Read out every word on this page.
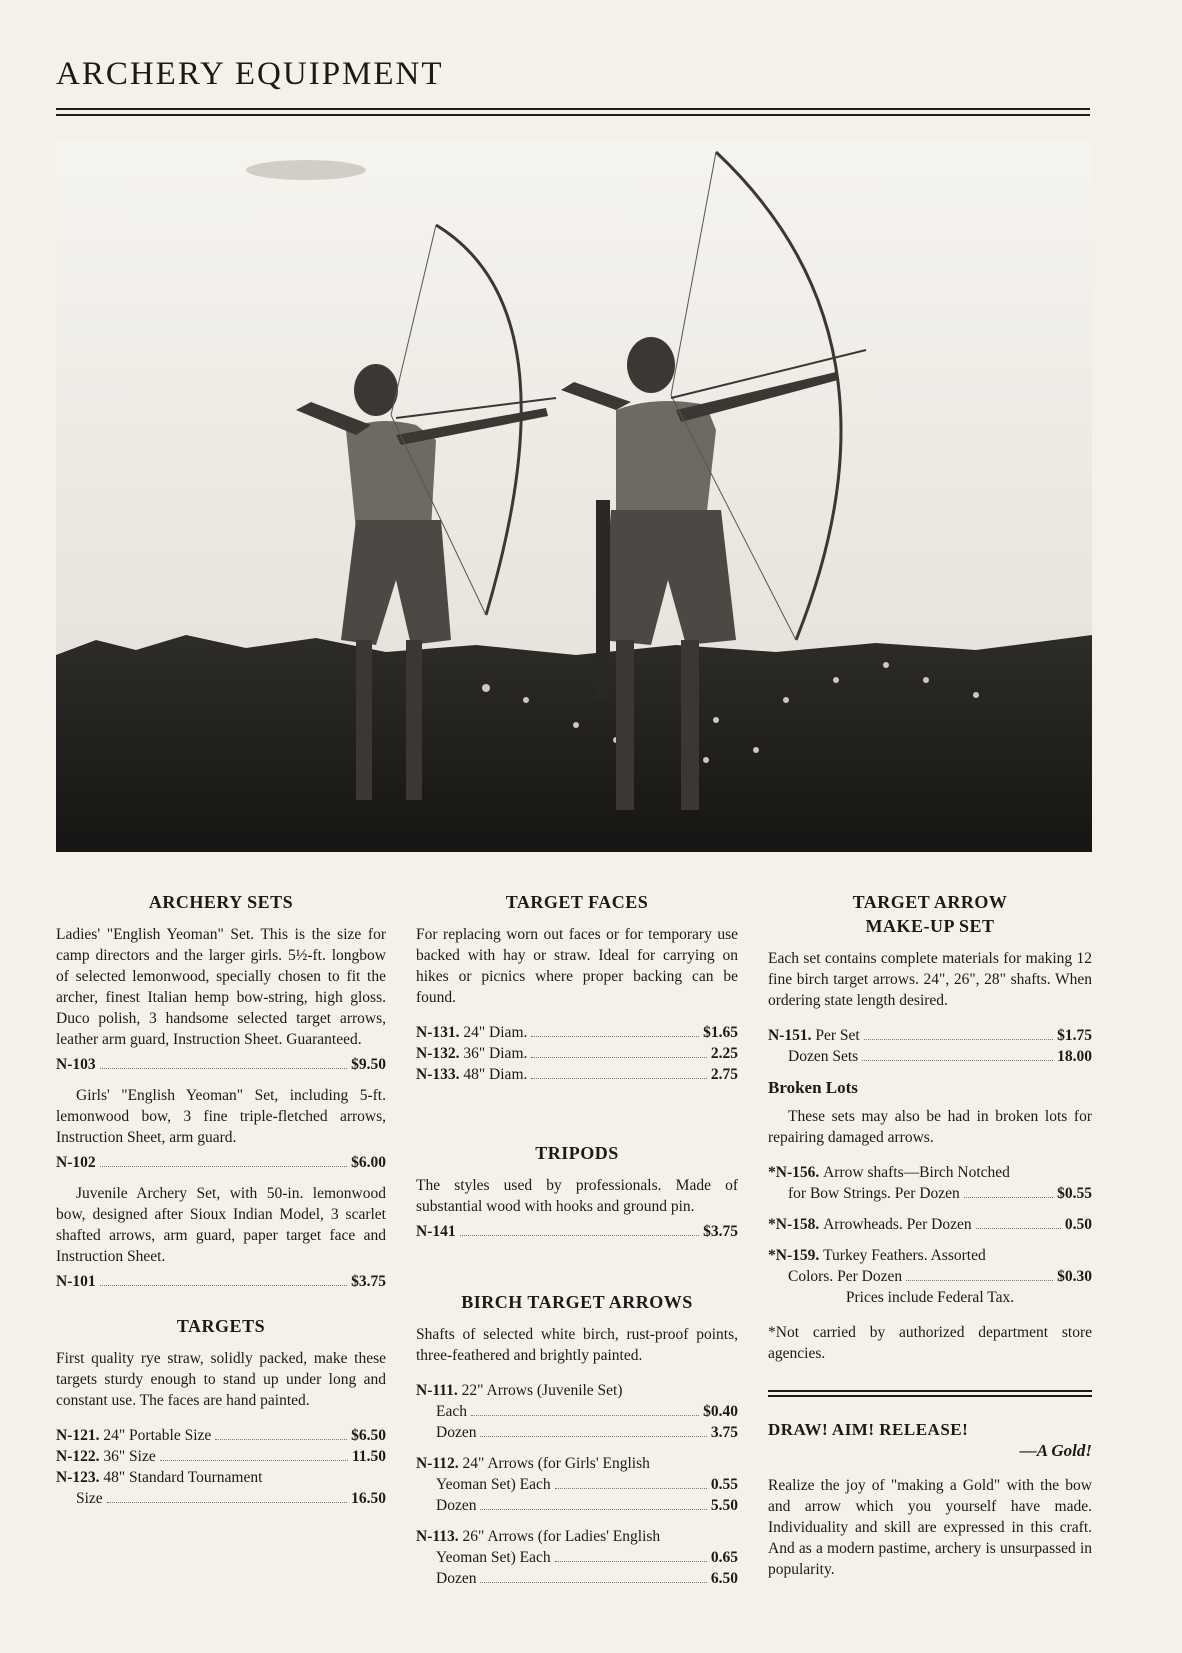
ARCHERY EQUIPMENT
ARCHERY SETS

Ladies' "English Yeoman" Set. This is the size for camp directors and the larger girls. 5½-ft. longbow of selected lemonwood, specially chosen to fit the archer, finest Italian hemp bow-string, high gloss. Duco polish, 3 handsome selected target arrows, leather arm guard, Instruction Sheet. Guaranteed.

N-103	$9.50

Girls' "English Yeoman" Set, including 5-ft. lemonwood bow, 3 fine triple-fletched arrows, Instruction Sheet, arm guard.

N-102	$6.00

Juvenile Archery Set, with 50-in. lemonwood bow, designed after Sioux Indian Model, 3 scarlet shafted arrows, arm guard, paper target face and Instruction Sheet.

N-101	$3.75
TARGETS

First quality rye straw, solidly packed, make these targets sturdy enough to stand up under long and constant use. The faces are hand painted.

N-121.
24" Portable Size	$6.50
N-122.
36" Size	11.50
N-123.
48" Standard Tournament
Size	16.50
TARGET FACES

For replacing worn out faces or for temporary use backed with hay or straw. Ideal for carrying on hikes or picnics where proper backing can be found.

N-131.
24" Diam.	$1.65
N-132.
36" Diam.	2.25
N-133.
48" Diam.	2.75
TRIPODS

The styles used by professionals. Made of substantial wood with hooks and ground pin.

N-141	$3.75
BIRCH TARGET ARROWS

Shafts of selected white birch, rust-proof points, three-feathered and brightly painted.

N-111.
22" Arrows (Juvenile Set)
Each	$0.40
Dozen	3.75
N-112.
24" Arrows (for Girls' English
Yeoman Set) Each	0.55
Dozen	5.50
N-113.
26" Arrows (for Ladies' English
Yeoman Set) Each	0.65
Dozen	6.50
TARGET ARROW
MAKE-UP SET

Each set contains complete materials for making 12 fine birch target arrows. 24", 26", 28" shafts. When ordering state length desired.

N-151.
Per Set	$1.75
Dozen Sets	18.00
Broken Lots

These sets may also be had in broken lots for repairing damaged arrows.

*N-156.
Arrow shafts—Birch Notched
for Bow Strings. Per Dozen	$0.55
*N-158.
Arrowheads. Per Dozen	0.50
*N-159.
Turkey Feathers. Assorted
Colors. Per Dozen	$0.30

Prices include Federal Tax.

*Not carried by authorized department store agencies.

DRAW! AIM! RELEASE!
—A Gold!

Realize the joy of "making a Gold" with the bow and arrow which you yourself have made. Individuality and skill are expressed in this craft. And as a modern pastime, archery is unsurpassed in popularity.
